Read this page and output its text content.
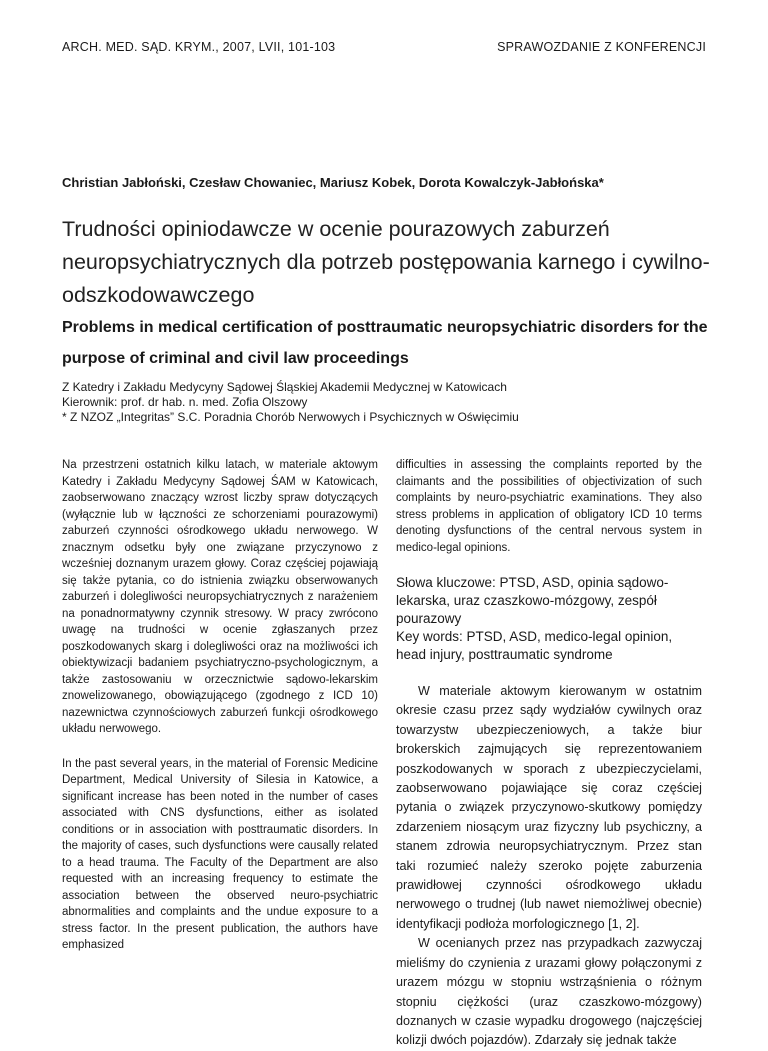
ARCH. MED. SĄD. KRYM., 2007, LVII, 101-103	SPRAWOZDANIE Z KONFERENCJI
Christian Jabłoński, Czesław Chowaniec, Mariusz Kobek, Dorota Kowalczyk-Jabłońska*
Trudności opiniodawcze w ocenie pourazowych zaburzeń neuropsychiatrycznych dla potrzeb postępowania karnego i cywilno-odszkodowawczego
Problems in medical certification of posttraumatic neuropsychiatric disorders for the purpose of criminal and civil law proceedings
Z Katedry i Zakładu Medycyny Sądowej Śląskiej Akademii Medycznej w Katowicach
Kierownik: prof. dr hab. n. med. Zofia Olszowy
* Z NZOZ „Integritas” S.C. Poradnia Chorób Nerwowych i Psychicznych w Oświęcimiu

Na przestrzeni ostatnich kilku latach, w materiale aktowym Katedry i Zakładu Medycyny Sądowej ŚAM w Katowicach, zaobserwowano znaczący wzrost liczby spraw dotyczących (wyłącznie lub w łączności ze schorzeniami pourazowymi) zaburzeń czynności ośrodkowego układu nerwowego. W znacznym odsetku były one związane przyczynowo z wcześniej doznanym urazem głowy. Coraz częściej pojawiają się także pytania, co do istnienia związku obserwowanych zaburzeń i dolegliwości neuropsychiatrycznych z narażeniem na ponadnormatywny czynnik stresowy. W pracy zwrócono uwagę na trudności w ocenie zgłaszanych przez poszkodowanych skarg i dolegliwości oraz na możliwości ich obiektywizacji badaniem psychiatryczno-psychologicznym, a także zastosowaniu w orzecznictwie sądowo-lekarskim znowelizowanego, obowiązującego (zgodnego z ICD 10) nazewnictwa czynnościowych zaburzeń funkcji ośrodkowego układu nerwowego.

In the past several years, in the material of Forensic Medicine Department, Medical University of Silesia in Katowice, a significant increase has been noted in the number of cases associated with CNS dysfunctions, either as isolated conditions or in association with posttraumatic disorders. In the majority of cases, such dysfunctions were causally related to a head trauma. The Faculty of the Department are also requested with an increasing frequency to estimate the association between the observed neuro-psychiatric abnormalities and complaints and the undue exposure to a stress factor. In the present publication, the authors have emphasized

difficulties in assessing the complaints reported by the claimants and the possibilities of objectivization of such complaints by neuro-psychiatric examinations. They also stress problems in application of obligatory ICD 10 terms denoting dysfunctions of the central nervous system in medico-legal opinions.

Słowa kluczowe: PTSD, ASD, opinia sądowo-lekarska, uraz czaszkowo-mózgowy, zespół pourazowy

Key words: PTSD, ASD, medico-legal opinion, head injury, posttraumatic syndrome

W materiale aktowym kierowanym w ostatnim okresie czasu przez sądy wydziałów cywilnych oraz towarzystw ubezpieczeniowych, a także biur brokerskich zajmujących się reprezentowaniem poszkodowanych w sporach z ubezpieczycielami, zaobserwowano pojawiające się coraz częściej pytania o związek przyczynowo-skutkowy pomiędzy zdarzeniem niosącym uraz fizyczny lub psychiczny, a stanem zdrowia neuropsychiatrycznym. Przez stan taki rozumieć należy szeroko pojęte zaburzenia prawidłowej czynności ośrodkowego układu nerwowego o trudnej (lub nawet niemożliwej obecnie) identyfikacji podłoża morfologicznego [1, 2].

W ocenianych przez nas przypadkach zazwyczaj mieliśmy do czynienia z urazami głowy połączonymi z urazem mózgu w stopniu wstrząśnienia o różnym stopniu ciężkości (uraz czaszkowo-mózgowy) doznanych w czasie wypadku drogowego (najczęściej kolizji dwóch pojazdów). Zdarzały się jednak także
